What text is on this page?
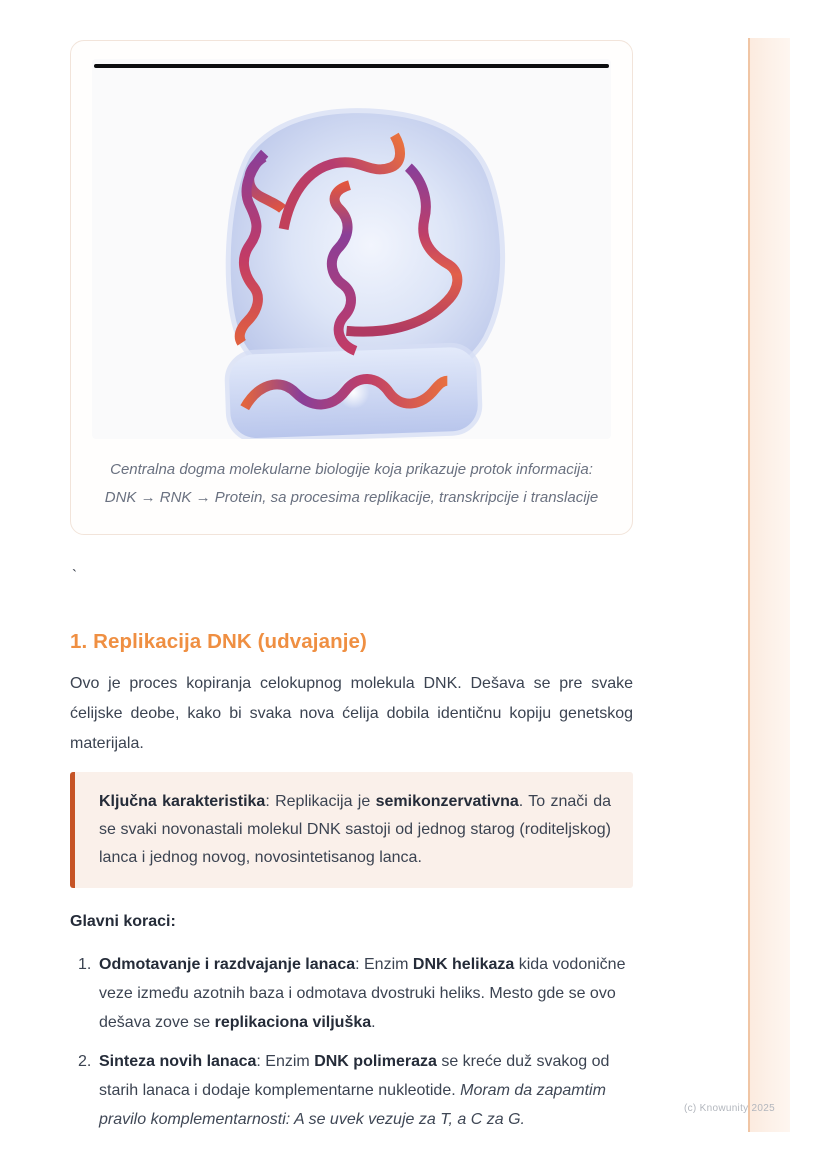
(c) Knowunity 2025
Centralna dogma molekularne biologije koja prikazuje protok informacija:
DNK → RNK → Protein, sa procesima replikacije, transkripcije i translacije
`
1. Replikacija DNK (udvajanje)

Ovo je proces kopiranja celokupnog molekula DNK. Dešava se pre svake ćelijske deobe, kako bi svaka nova ćelija dobila identičnu kopiju genetskog materijala.

Ključna karakteristika: Replikacija je semikonzervativna. To znači da se svaki novonastali molekul DNK sastoji od jednog starog (roditeljskog) lanca i jednog novog, novosintetisanog lanca.

Glavni koraci:

1. Odmotavanje i razdvajanje lanaca: Enzim DNK helikaza kida vodonične veze između azotnih baza i odmotava dvostruki heliks. Mesto gde se ovo dešava zove se replikaciona viljuška.
2. Sinteza novih lanaca: Enzim DNK polimeraza se kreće duž svakog od starih lanaca i dodaje komplementarne nukleotide. Moram da zapamtim pravilo komplementarnosti: A se uvek vezuje za T, a C za G.
